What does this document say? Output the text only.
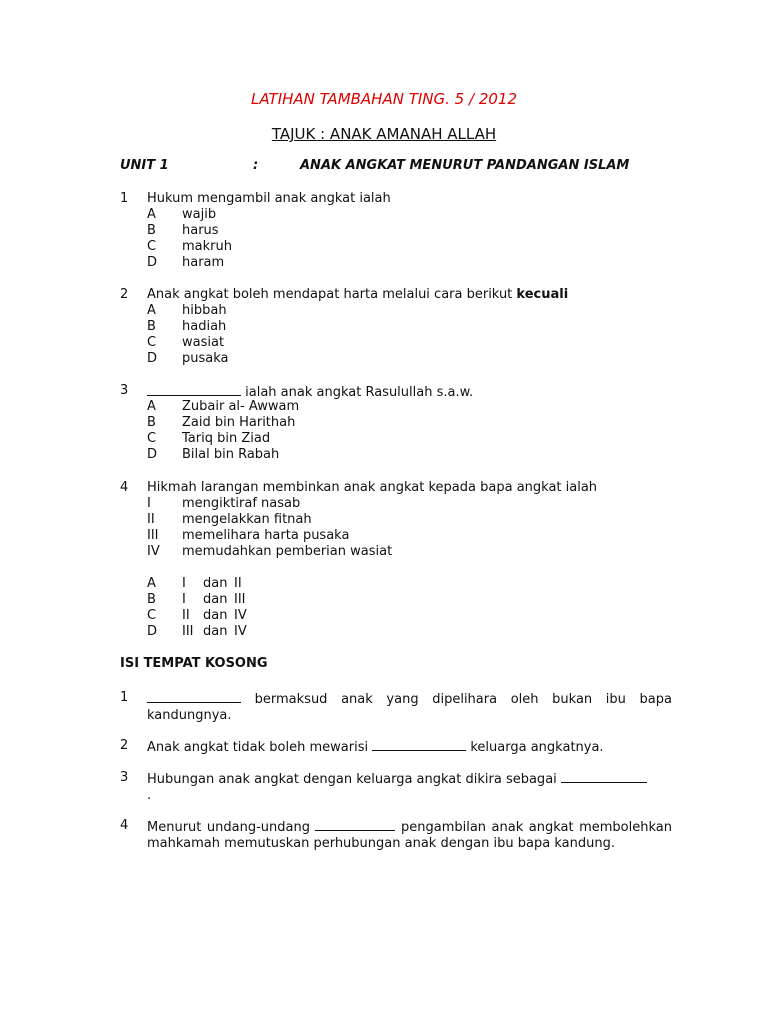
LATIHAN TAMBAHAN TING. 5 / 2012
TAJUK : ANAK AMANAH ALLAH
UNIT 1	:	ANAK ANGKAT MENURUT PANDANGAN ISLAM
1 Hukum mengambil anak angkat ialah
A wajib
B harus
C makruh
D haram
2 Anak angkat boleh mendapat harta melalui cara berikut kecuali
A hibbah
B hadiah
C wasiat
D pusaka
3	ialah anak angkat Rasulullah s.a.w.
A Zubair al- Awwam
B Zaid bin Harithah
C Tariq bin Ziad
D Bilal bin Rabah
4 Hikmah larangan membinkan anak angkat kepada bapa angkat ialah
I mengiktiraf nasab
II mengelakkan fitnah
III memelihara harta pusaka
IV memudahkan pemberian wasiat
A I dan II
B I dan III
C II dan IV
D III dan IV
ISI TEMPAT KOSONG
1	bermaksud anak yang dipelihara oleh bukan ibu bapa kandungnya.
2 Anak angkat tidak boleh mewarisi	keluarga angkatnya.
3 Hubungan anak angkat dengan keluarga angkat dikira sebagai
.
4 Menurut undang-undang	pengambilan anak angkat membolehkan mahkamah memutuskan perhubungan anak dengan ibu bapa kandung.
